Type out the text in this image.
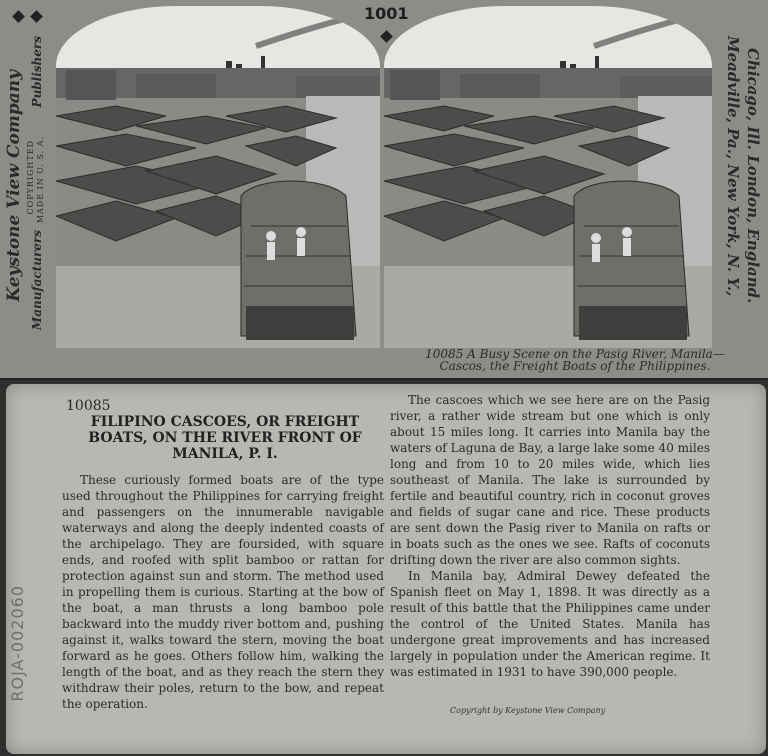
1001
Keystone View Company COPYRIGHTED MADE IN U. S. A.
Manufacturers
Publishers	Meadville, Pa., New York, N. Y., Chicago, Ill. London, England.
10085 A Busy Scene on the Pasig River, Manila—
Cascos, the Freight Boats of the Philippines.
10085
FILIPINO CASCOES, OR FREIGHT BOATS, ON THE RIVER FRONT OF MANILA, P. I.
These curiously formed boats are of the type used throughout the Philippines for carrying freight and passengers on the innumerable navigable waterways and along the deeply indented coasts of the archipelago. They are foursided, with square ends, and roofed with split bamboo or rattan for protection against sun and storm. The method used in propelling them is curious. Starting at the bow of the boat, a man thrusts a long bamboo pole backward into the muddy river bottom and, pushing against it, walks toward the stern, moving the boat forward as he goes. Others follow him, walking the length of the boat, and as they reach the stern they withdraw their poles, return to the bow, and repeat the operation.

The cascoes which we see here are on the Pasig river, a rather wide stream but one which is only about 15 miles long. It carries into Manila bay the waters of Laguna de Bay, a large lake some 40 miles long and from 10 to 20 miles wide, which lies southeast of Manila. The lake is surrounded by fertile and beautiful country, rich in coconut groves and fields of sugar cane and rice. These products are sent down the Pasig river to Manila on rafts or in boats such as the ones we see. Rafts of coconuts drifting down the river are also common sights.

In Manila bay, Admiral Dewey defeated the Spanish fleet on May 1, 1898. It was directly as a result of this battle that the Philippines came under the control of the United States. Manila has undergone great improvements and has increased largely in population under the American regime. It was estimated in 1931 to have 390,000 people.

Copyright by Keystone View Company
ROJA-002060
